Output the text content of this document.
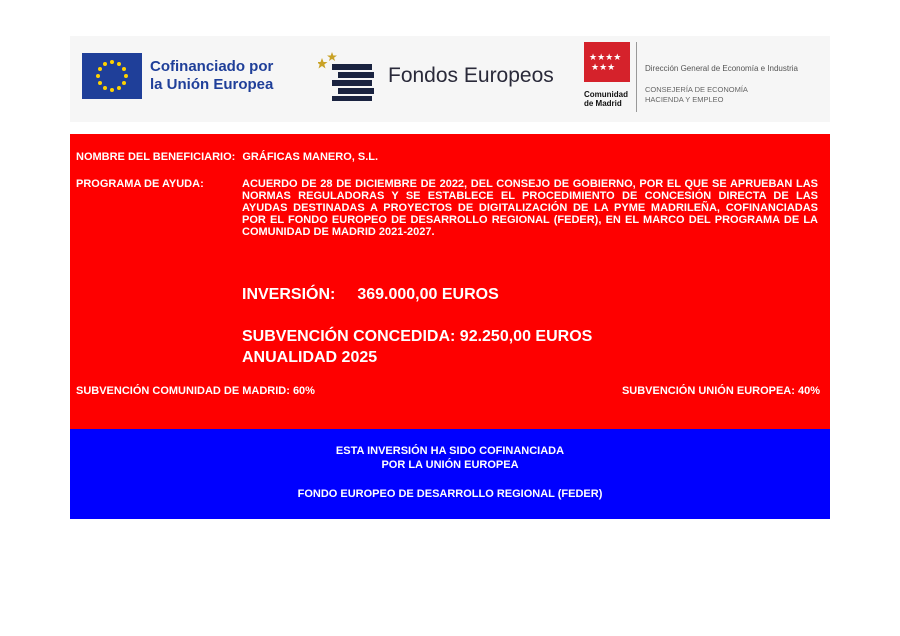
Cofinanciado por
la Unión Europea	Fondos Europeos
★★★★
★★★
Comunidad
de Madrid
Dirección General de Economía e Industria
CONSEJERÍA DE ECONOMÍA
HACIENDA Y EMPLEO
NOMBRE DEL BENEFICIARIO: GRÁFICAS MANERO, S.L.
PROGRAMA DE AYUDA:	ACUERDO DE 28 DE DICIEMBRE DE 2022, DEL CONSEJO DE GOBIERNO, POR EL QUE SE APRUEBAN LAS NORMAS REGULADORAS Y SE ESTABLECE EL PROCEDIMIENTO DE CONCESIÓN DIRECTA DE LAS AYUDAS DESTINADAS A PROYECTOS DE DIGITALIZACIÓN DE LA PYME MADRILEÑA, COFINANCIADAS POR EL FONDO EUROPEO DE DESARROLLO REGIONAL (FEDER), EN EL MARCO DEL PROGRAMA DE LA COMUNIDAD DE MADRID 2021-2027.
INVERSIÓN: 369.000,00 EUROS
SUBVENCIÓN CONCEDIDA: 92.250,00 EUROS
ANUALIDAD 2025
SUBVENCIÓN COMUNIDAD DE MADRID: 60%	SUBVENCIÓN UNIÓN EUROPEA: 40%
ESTA INVERSIÓN HA SIDO COFINANCIADA
POR LA UNIÓN EUROPEA
FONDO EUROPEO DE DESARROLLO REGIONAL (FEDER)
